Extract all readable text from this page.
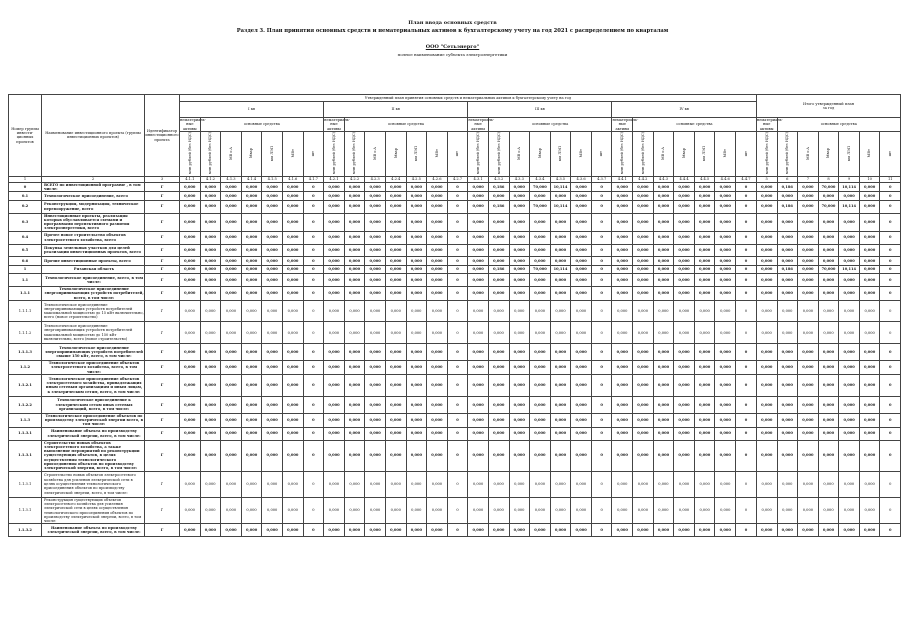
План ввода основных средств
Раздел 3. План принятия основных средств и нематериальных активов к бухгалтерскому учету на год 2021 с распределением по кварталам
ООО "Сетьэнерго"
полное наименование субъекта электроэнергетики
Номер группы инвести-ционных проектов	Наименование инвестиционного проекта (группы инвестиционных проектов)	Идентификатор инвестиционного проекта	Утвержденный план принятия основных средств и нематериальных активов к бухгалтерскому учету на год																												Итого утвержденный план
за год						

			I кв							II кв							III кв							IV кв													
			нематериаль-ные активы	основные средства						нематериаль-ные активы	основные средства						нематериаль-ные активы	основные средства						нематериаль-ные активы	основные средства						нематериаль-ные активы	основные средства					
			млн рублей (без НДС)	млн рублей (без НДС)	МВ×А	Мвар	км ЛЭП	МВт	шт	млн рублей (без НДС)	млн рублей (без НДС)	МВ×А	Мвар	км ЛЭП	МВт	шт	млн рублей (без НДС)	млн рублей (без НДС)	МВ×А	Мвар	км ЛЭП	МВт	шт	млн рублей (без НДС)	млн рублей (без НДС)	МВ×А	Мвар	км ЛЭП	МВт	шт	млн рублей (без НДС)	млн рублей (без НДС)	МВ×А	Мвар	км ЛЭП	МВт	шт
1	2	3	4.1.1	4.1.2	4.1.3	4.1.4	4.1.5	4.1.6	4.1.7	4.2.1	4.2.2	4.2.3	4.2.4	4.2.5	4.2.6	4.2.7	4.3.1	4.3.2	4.3.3	4.3.4	4.3.5	4.3.6	4.3.7	4.4.1	4.4.2	4.4.3	4.4.4	4.4.5	4.4.6	4.4.7	5	6	7	8	9	10	11
0	ВСЕГО по инвестиционной программе , в том числе:	Г	0,000	0,000	0,000	0,000	0,000	0,000	0	0,000	0,000	0,000	0,000	0,000	0,000	0	0,000	0,186	0,000	70,000	10,114	0,000	0	0,000	0,000	0,000	0,000	0,000	0,000	0	0,000	0,186	0,000	70,000	10,114	0,000	0
0.1	Технологическое присоединение, всего	Г	0,000	0,000	0,000	0,000	0,000	0,000	0	0,000	0,000	0,000	0,000	0,000	0,000	0	0,000	0,000	0,000	0,000	0,000	0,000	0	0,000	0,000	0,000	0,000	0,000	0,000	0	0,000	0,000	0,000	0,000	0,000	0,000	0
0.2	Реконструкция, модернизация, техническое перевооружение, всего	Г	0,000	0,000	0,000	0,000	0,000	0,000	0	0,000	0,000	0,000	0,000	0,000	0,000	0	0,000	0,186	0,000	70,000	10,114	0,000	0	0,000	0,000	0,000	0,000	0,000	0,000	0	0,000	0,186	0,000	70,000	10,114	0,000	0
0.3	Инвестиционные проекты, реализация которых обуславливается схемами и программами перспективного развития электроэнергетики, всего	Г	0,000	0,000	0,000	0,000	0,000	0,000	0	0,000	0,000	0,000	0,000	0,000	0,000	0	0,000	0,000	0,000	0,000	0,000	0,000	0	0,000	0,000	0,000	0,000	0,000	0,000	0	0,000	0,000	0,000	0,000	0,000	0,000	0
0.4	Прочее новое строительство объектов электросетевого хозяйства, всего	Г	0,000	0,000	0,000	0,000	0,000	0,000	0	0,000	0,000	0,000	0,000	0,000	0,000	0	0,000	0,000	0,000	0,000	0,000	0,000	0	0,000	0,000	0,000	0,000	0,000	0,000	0	0,000	0,000	0,000	0,000	0,000	0,000	0
0.5	Покупка земельных участков для целей реализации инвестиционных проектов, всего	Г	0,000	0,000	0,000	0,000	0,000	0,000	0	0,000	0,000	0,000	0,000	0,000	0,000	0	0,000	0,000	0,000	0,000	0,000	0,000	0	0,000	0,000	0,000	0,000	0,000	0,000	0	0,000	0,000	0,000	0,000	0,000	0,000	0
0.6	Прочие инвестиционные проекты, всего	Г	0,000	0,000	0,000	0,000	0,000	0,000	0	0,000	0,000	0,000	0,000	0,000	0,000	0	0,000	0,000	0,000	0,000	0,000	0,000	0	0,000	0,000	0,000	0,000	0,000	0,000	0	0,000	0,000	0,000	0,000	0,000	0,000	0
1	Рязанская область	Г	0,000	0,000	0,000	0,000	0,000	0,000	0	0,000	0,000	0,000	0,000	0,000	0,000	0	0,000	0,186	0,000	70,000	10,114	0,000	0	0,000	0,000	0,000	0,000	0,000	0,000	0	0,000	0,186	0,000	70,000	10,114	0,000	0
1.1	Технологическое присоединение, всего, в том числе:	Г	0,000	0,000	0,000	0,000	0,000	0,000	0	0,000	0,000	0,000	0,000	0,000	0,000	0	0,000	0,000	0,000	0,000	0,000	0,000	0	0,000	0,000	0,000	0,000	0,000	0,000	0	0,000	0,000	0,000	0,000	0,000	0,000	0
1.1.1	Технологическое присоединение энергопринимающих устройств потребителей, всего, в том числе:	Г	0,000	0,000	0,000	0,000	0,000	0,000	0	0,000	0,000	0,000	0,000	0,000	0,000	0	0,000	0,000	0,000	0,000	0,000	0,000	0	0,000	0,000	0,000	0,000	0,000	0,000	0	0,000	0,000	0,000	0,000	0,000	0,000	0
1.1.1.1	Технологическое присоединение энергопринимающих устройств потребителей максимальной мощностью до 15 кВт включительно, всего (новое строительство)	Г	0,000	0,000	0,000	0,000	0,000	0,000	0	0,000	0,000	0,000	0,000	0,000	0,000	0	0,000	0,000	0,000	0,000	0,000	0,000	0	0,000	0,000	0,000	0,000	0,000	0,000	0	0,000	0,000	0,000	0,000	0,000	0,000	0
1.1.1.2	Технологическое присоединение энергопринимающих устройств потребителей максимальной мощностью до 150 кВт включительно, всего (новое строительство)	Г	0,000	0,000	0,000	0,000	0,000	0,000	0	0,000	0,000	0,000	0,000	0,000	0,000	0	0,000	0,000	0,000	0,000	0,000	0,000	0	0,000	0,000	0,000	0,000	0,000	0,000	0	0,000	0,000	0,000	0,000	0,000	0,000	0
1.1.1.3	Технологическое присоединение энергопринимающих устройств потребителей свыше 150 кВт, всего, в том числе:	Г	0,000	0,000	0,000	0,000	0,000	0,000	0	0,000	0,000	0,000	0,000	0,000	0,000	0	0,000	0,000	0,000	0,000	0,000	0,000	0	0,000	0,000	0,000	0,000	0,000	0,000	0	0,000	0,000	0,000	0,000	0,000	0,000	0
1.1.2	Технологическое присоединение объектов электросетевого хозяйства, всего, в том числе:	Г	0,000	0,000	0,000	0,000	0,000	0,000	0	0,000	0,000	0,000	0,000	0,000	0,000	0	0,000	0,000	0,000	0,000	0,000	0,000	0	0,000	0,000	0,000	0,000	0,000	0,000	0	0,000	0,000	0,000	0,000	0,000	0,000	0
1.1.2.1	Технологическое присоединение объектов электросетевого хозяйства, принадлежащих иным сетевым организациям и иным лицам, к электрическим сетям, всего, в том числе:	Г	0,000	0,000	0,000	0,000	0,000	0,000	0	0,000	0,000	0,000	0,000	0,000	0,000	0	0,000	0,000	0,000	0,000	0,000	0,000	0	0,000	0,000	0,000	0,000	0,000	0,000	0	0,000	0,000	0,000	0,000	0,000	0,000	0
1.1.2.2	Технологическое присоединение к электрическим сетям иных сетевых организаций, всего, в том числе:	Г	0,000	0,000	0,000	0,000	0,000	0,000	0	0,000	0,000	0,000	0,000	0,000	0,000	0	0,000	0,000	0,000	0,000	0,000	0,000	0	0,000	0,000	0,000	0,000	0,000	0,000	0	0,000	0,000	0,000	0,000	0,000	0,000	0
1.1.3	Технологическое присоединение объектов по производству электрической энергии всего, в том числе:	Г	0,000	0,000	0,000	0,000	0,000	0,000	0	0,000	0,000	0,000	0,000	0,000	0,000	0	0,000	0,000	0,000	0,000	0,000	0,000	0	0,000	0,000	0,000	0,000	0,000	0,000	0	0,000	0,000	0,000	0,000	0,000	0,000	0
1.1.3.1	Наименование объекта по производству электрической энергии, всего, в том числе:	Г	0,000	0,000	0,000	0,000	0,000	0,000	0	0,000	0,000	0,000	0,000	0,000	0,000	0	0,000	0,000	0,000	0,000	0,000	0,000	0	0,000	0,000	0,000	0,000	0,000	0,000	0	0,000	0,000	0,000	0,000	0,000	0,000	0
1.1.3.1	Строительство новых объектов электросетевого хозяйства, а также выполнение мероприятий по реконструкции существующих объектов, в целях осуществления технологического присоединения объектов по производству электрической энергии, всего, в том числе:	Г	0,000	0,000	0,000	0,000	0,000	0,000	0	0,000	0,000	0,000	0,000	0,000	0,000	0	0,000	0,000	0,000	0,000	0,000	0,000	0	0,000	0,000	0,000	0,000	0,000	0,000	0	0,000	0,000	0,000	0,000	0,000	0,000	0
1.1.3.1	Строительство новых объектов электросетевого хозяйства для усиления электрической сети в целях осуществления технологического присоединения объектов по производству электрической энергии, всего, в том числе:	Г	0,000	0,000	0,000	0,000	0,000	0,000	0	0,000	0,000	0,000	0,000	0,000	0,000	0	0,000	0,000	0,000	0,000	0,000	0,000	0	0,000	0,000	0,000	0,000	0,000	0,000	0	0,000	0,000	0,000	0,000	0,000	0,000	0
1.1.3.1	Реконструкция существующих объектов электросетевого хозяйства для усиления электрической сети в целях осуществления технологического присоединения объектов по производству электрической энергии, всего, в том числе:	Г	0,000	0,000	0,000	0,000	0,000	0,000	0	0,000	0,000	0,000	0,000	0,000	0,000	0	0,000	0,000	0,000	0,000	0,000	0,000	0	0,000	0,000	0,000	0,000	0,000	0,000	0	0,000	0,000	0,000	0,000	0,000	0,000	0
1.1.3.2	Наименование объекта по производству электрической энергии, всего, в том числе:	Г	0,000	0,000	0,000	0,000	0,000	0,000	0	0,000	0,000	0,000	0,000	0,000	0,000	0	0,000	0,000	0,000	0,000	0,000	0,000	0	0,000	0,000	0,000	0,000	0,000	0,000	0	0,000	0,000	0,000	0,000	0,000	0,000	0
